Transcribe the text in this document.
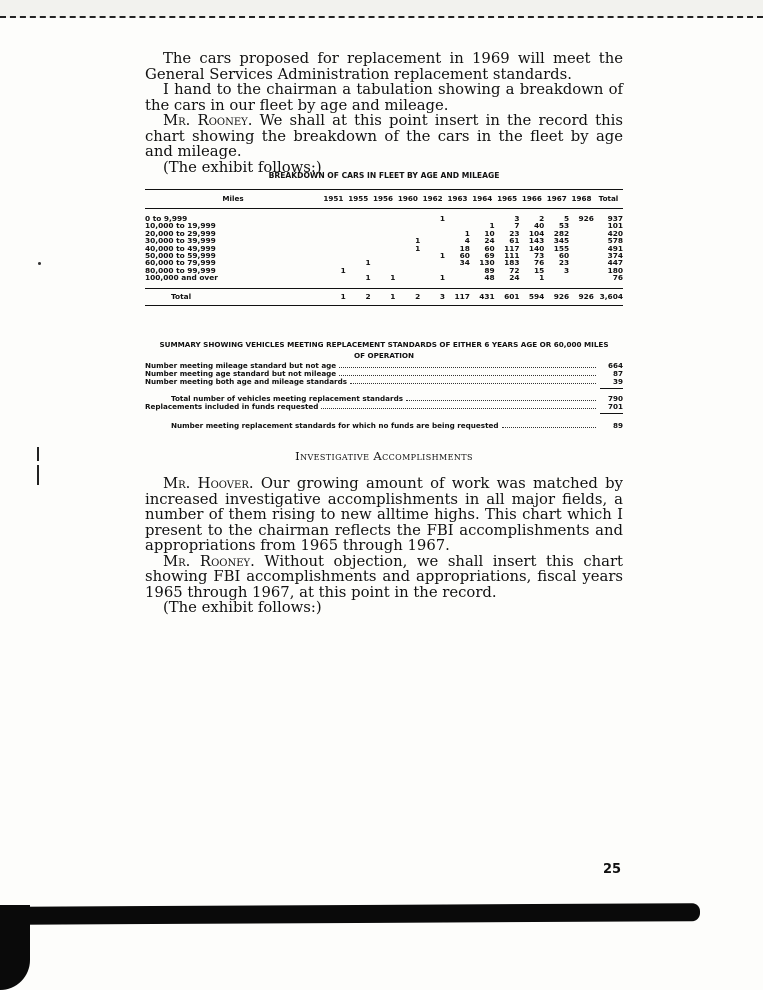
The cars proposed for replacement in 1969 will meet the General Services Administration replacement standards.

I hand to the chairman a tabulation showing a breakdown of the cars in our fleet by age and mileage.

Mr. Rooney. We shall at this point insert in the record this chart showing the breakdown of the cars in the fleet by age and mileage.

(The exhibit follows:)

BREAKDOWN OF CARS IN FLEET BY AGE AND MILEAGE
Miles	1951	1955	1956	1960	1962	1963	1964	1965	1966	1967	1968	Total

0 to 9,999					1			3	2	5	926	937
10,000 to 19,999							1	7	40	53		101
20,000 to 29,999						1	10	23	104	282		420
30,000 to 39,999				1		4	24	61	143	345		578
40,000 to 49,999				1		18	60	117	140	155		491
50,000 to 59,999					1	60	69	111	73	60		374
60,000 to 79,999		1				34	130	183	76	23		447
80,000 to 99,999	1						89	72	15	3		180
100,000 and over		1	1		1		48	24	1			76

Total	1	2	1	2	3	117	431	601	594	926	926	3,604
SUMMARY SHOWING VEHICLES MEETING REPLACEMENT STANDARDS OF EITHER 6 YEARS AGE OR 60,000 MILES
OF OPERATION
Number meeting mileage standard but not age	664
Number meeting age standard but not mileage	87
Number meeting both age and mileage standards	39
Total number of vehicles meeting replacement standards	790
Replacements included in funds requested	701
Number meeting replacement standards for which no funds are being requested	89
Investigative Accomplishments

Mr. Hoover. Our growing amount of work was matched by increased investigative accomplishments in all major fields, a number of them rising to new alltime highs. This chart which I present to the chairman reflects the FBI accomplishments and appropriations from 1965 through 1967.

Mr. Rooney. Without objection, we shall insert this chart showing FBI accomplishments and appropriations, fiscal years 1965 through 1967, at this point in the record.

(The exhibit follows:)

25
